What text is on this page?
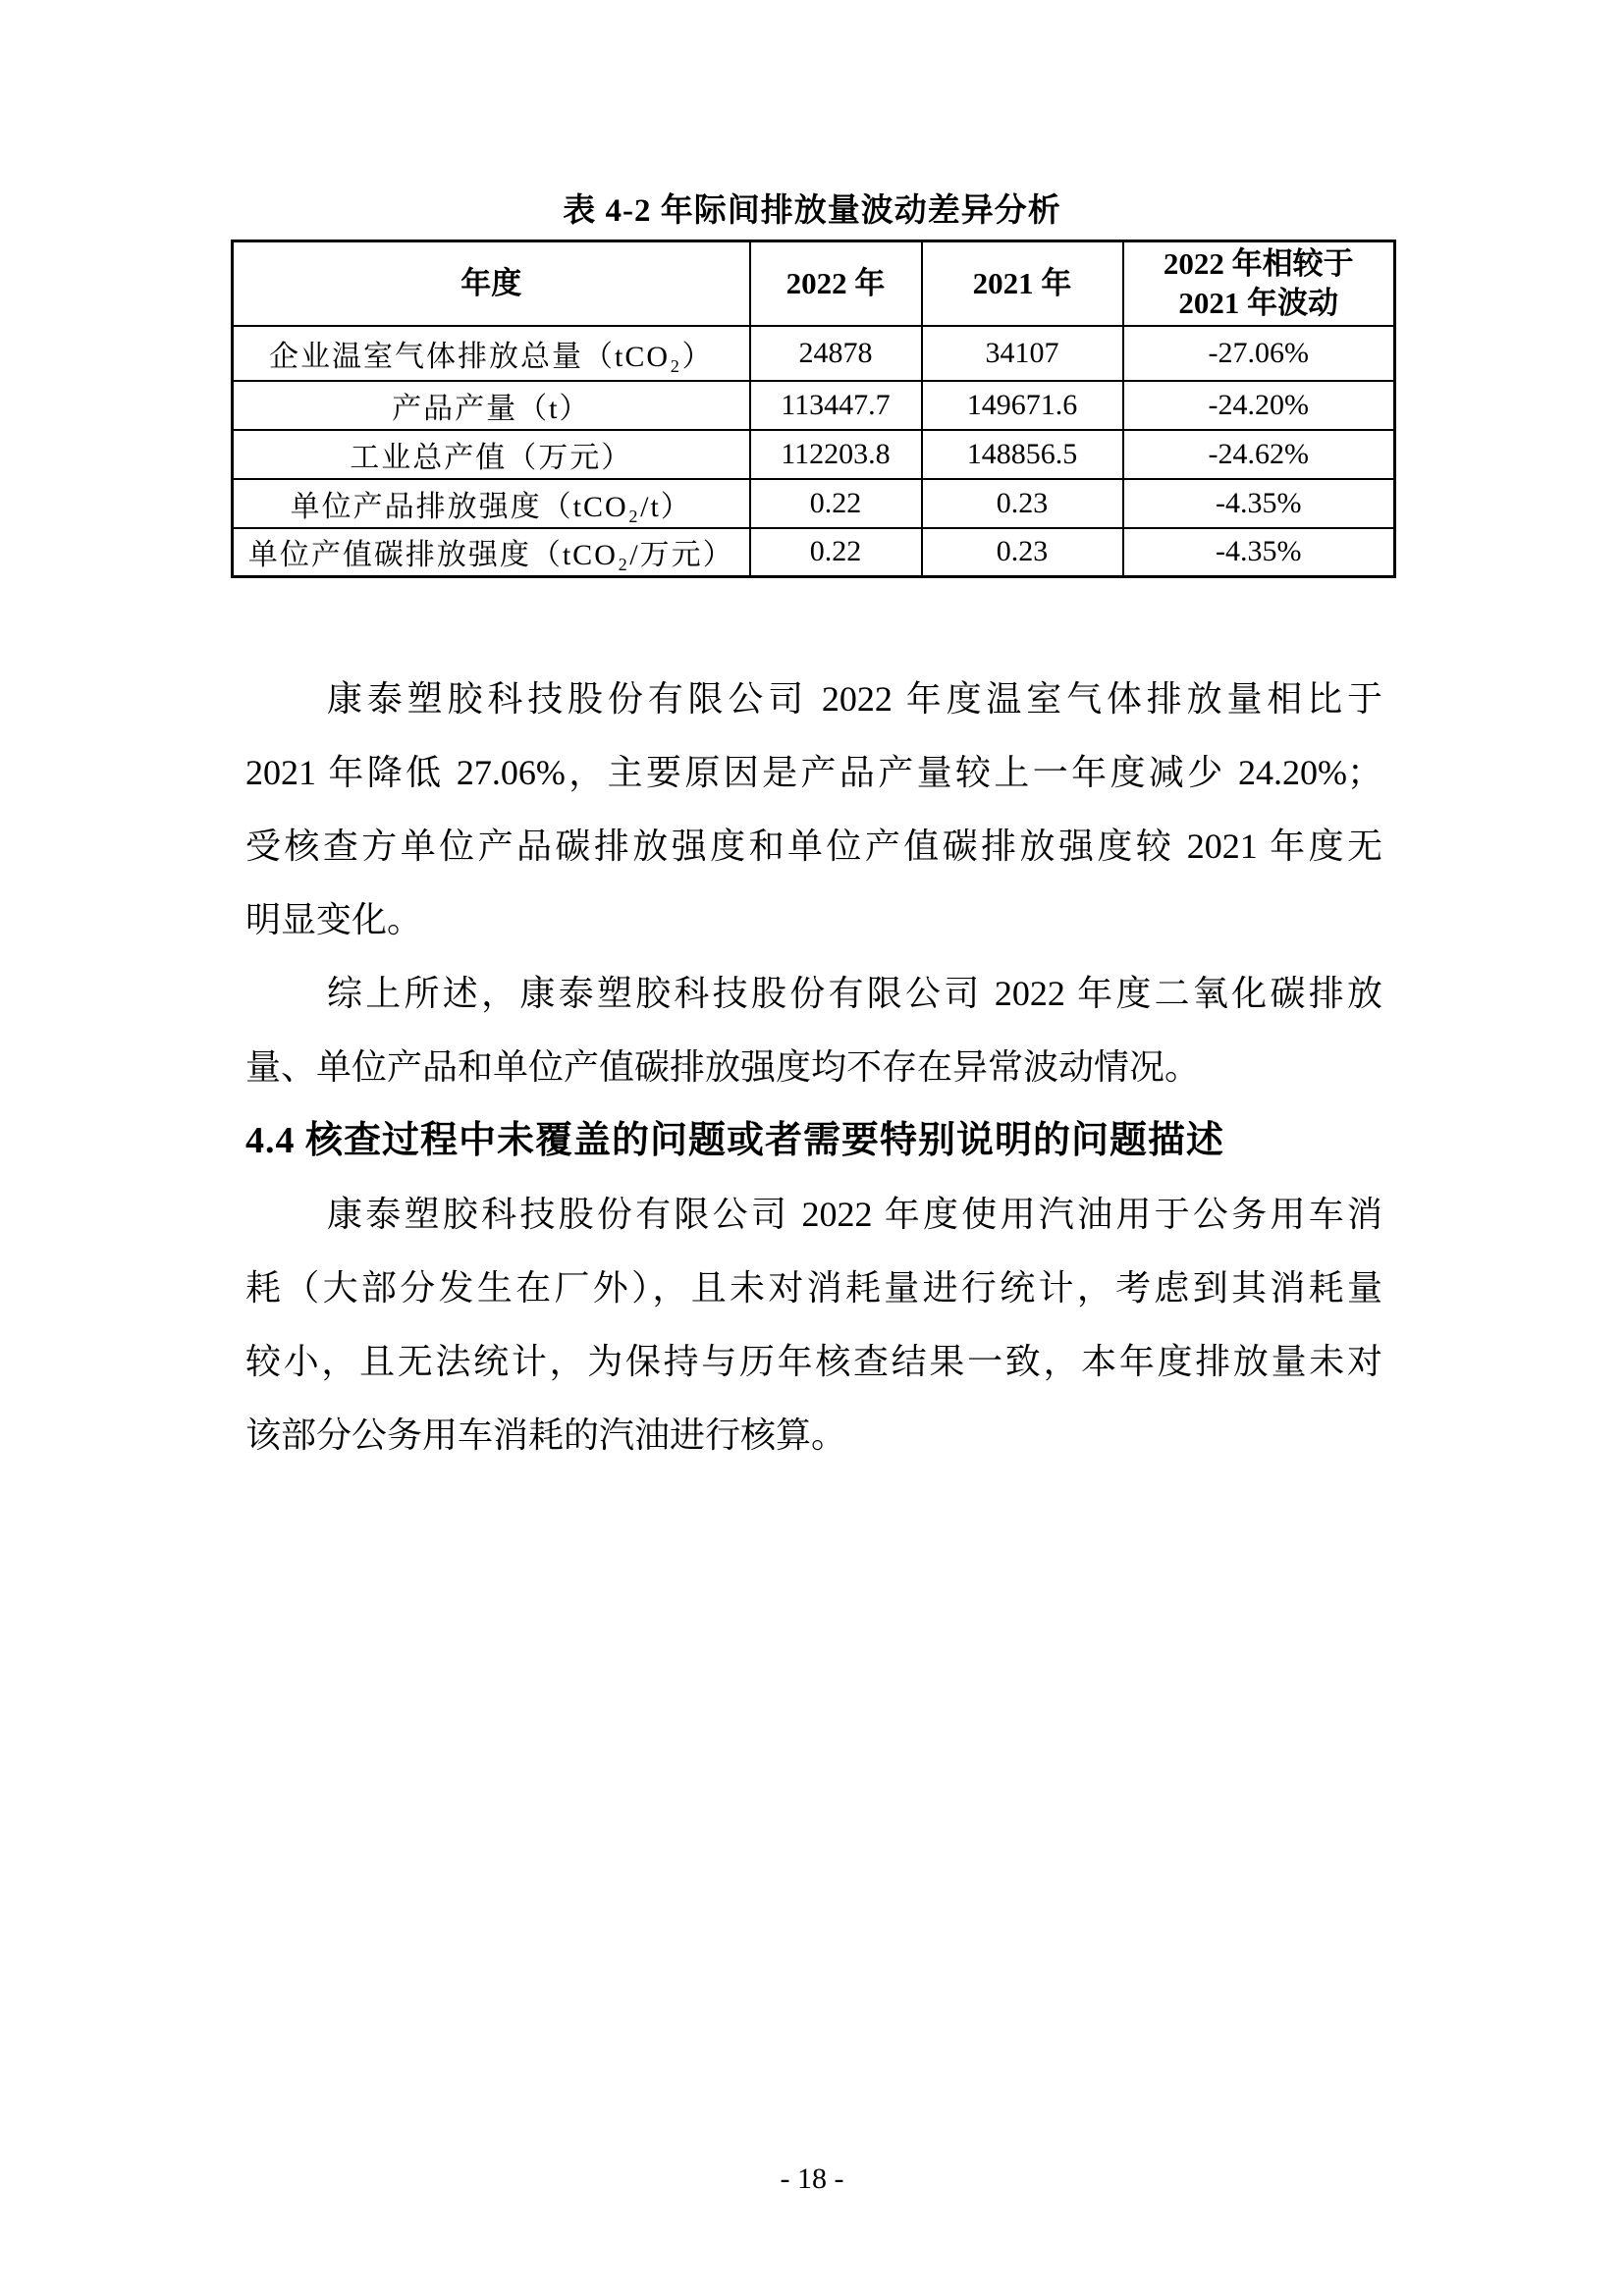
表 4-2 年际间排放量波动差异分析
年度	2022 年	2021 年	2022 年相较于
2021 年波动

企业温室气体排放总量（tCO₂）	24878	34107	-27.06%
产品产量（t）	113447.7	149671.6	-24.20%
工业总产值（万元）	112203.8	148856.5	-24.62%
单位产品排放强度（tCO₂/t）	0.22	0.23	-4.35%
单位产值碳排放强度（tCO₂/万元）	0.22	0.23	-4.35%
康泰塑胶科技股份有限公司 2022 年度温室气体排放量相比于
2021 年降低 27.06%，主要原因是产品产量较上一年度减少 24.20%；
受核查方单位产品碳排放强度和单位产值碳排放强度较 2021 年度无
明显变化。
综上所述，康泰塑胶科技股份有限公司 2022 年度二氧化碳排放
量、单位产品和单位产值碳排放强度均不存在异常波动情况。
4.4 核查过程中未覆盖的问题或者需要特别说明的问题描述
康泰塑胶科技股份有限公司 2022 年度使用汽油用于公务用车消
耗（大部分发生在厂外），且未对消耗量进行统计，考虑到其消耗量
较小，且无法统计，为保持与历年核查结果一致，本年度排放量未对
该部分公务用车消耗的汽油进行核算。
- 18 -
